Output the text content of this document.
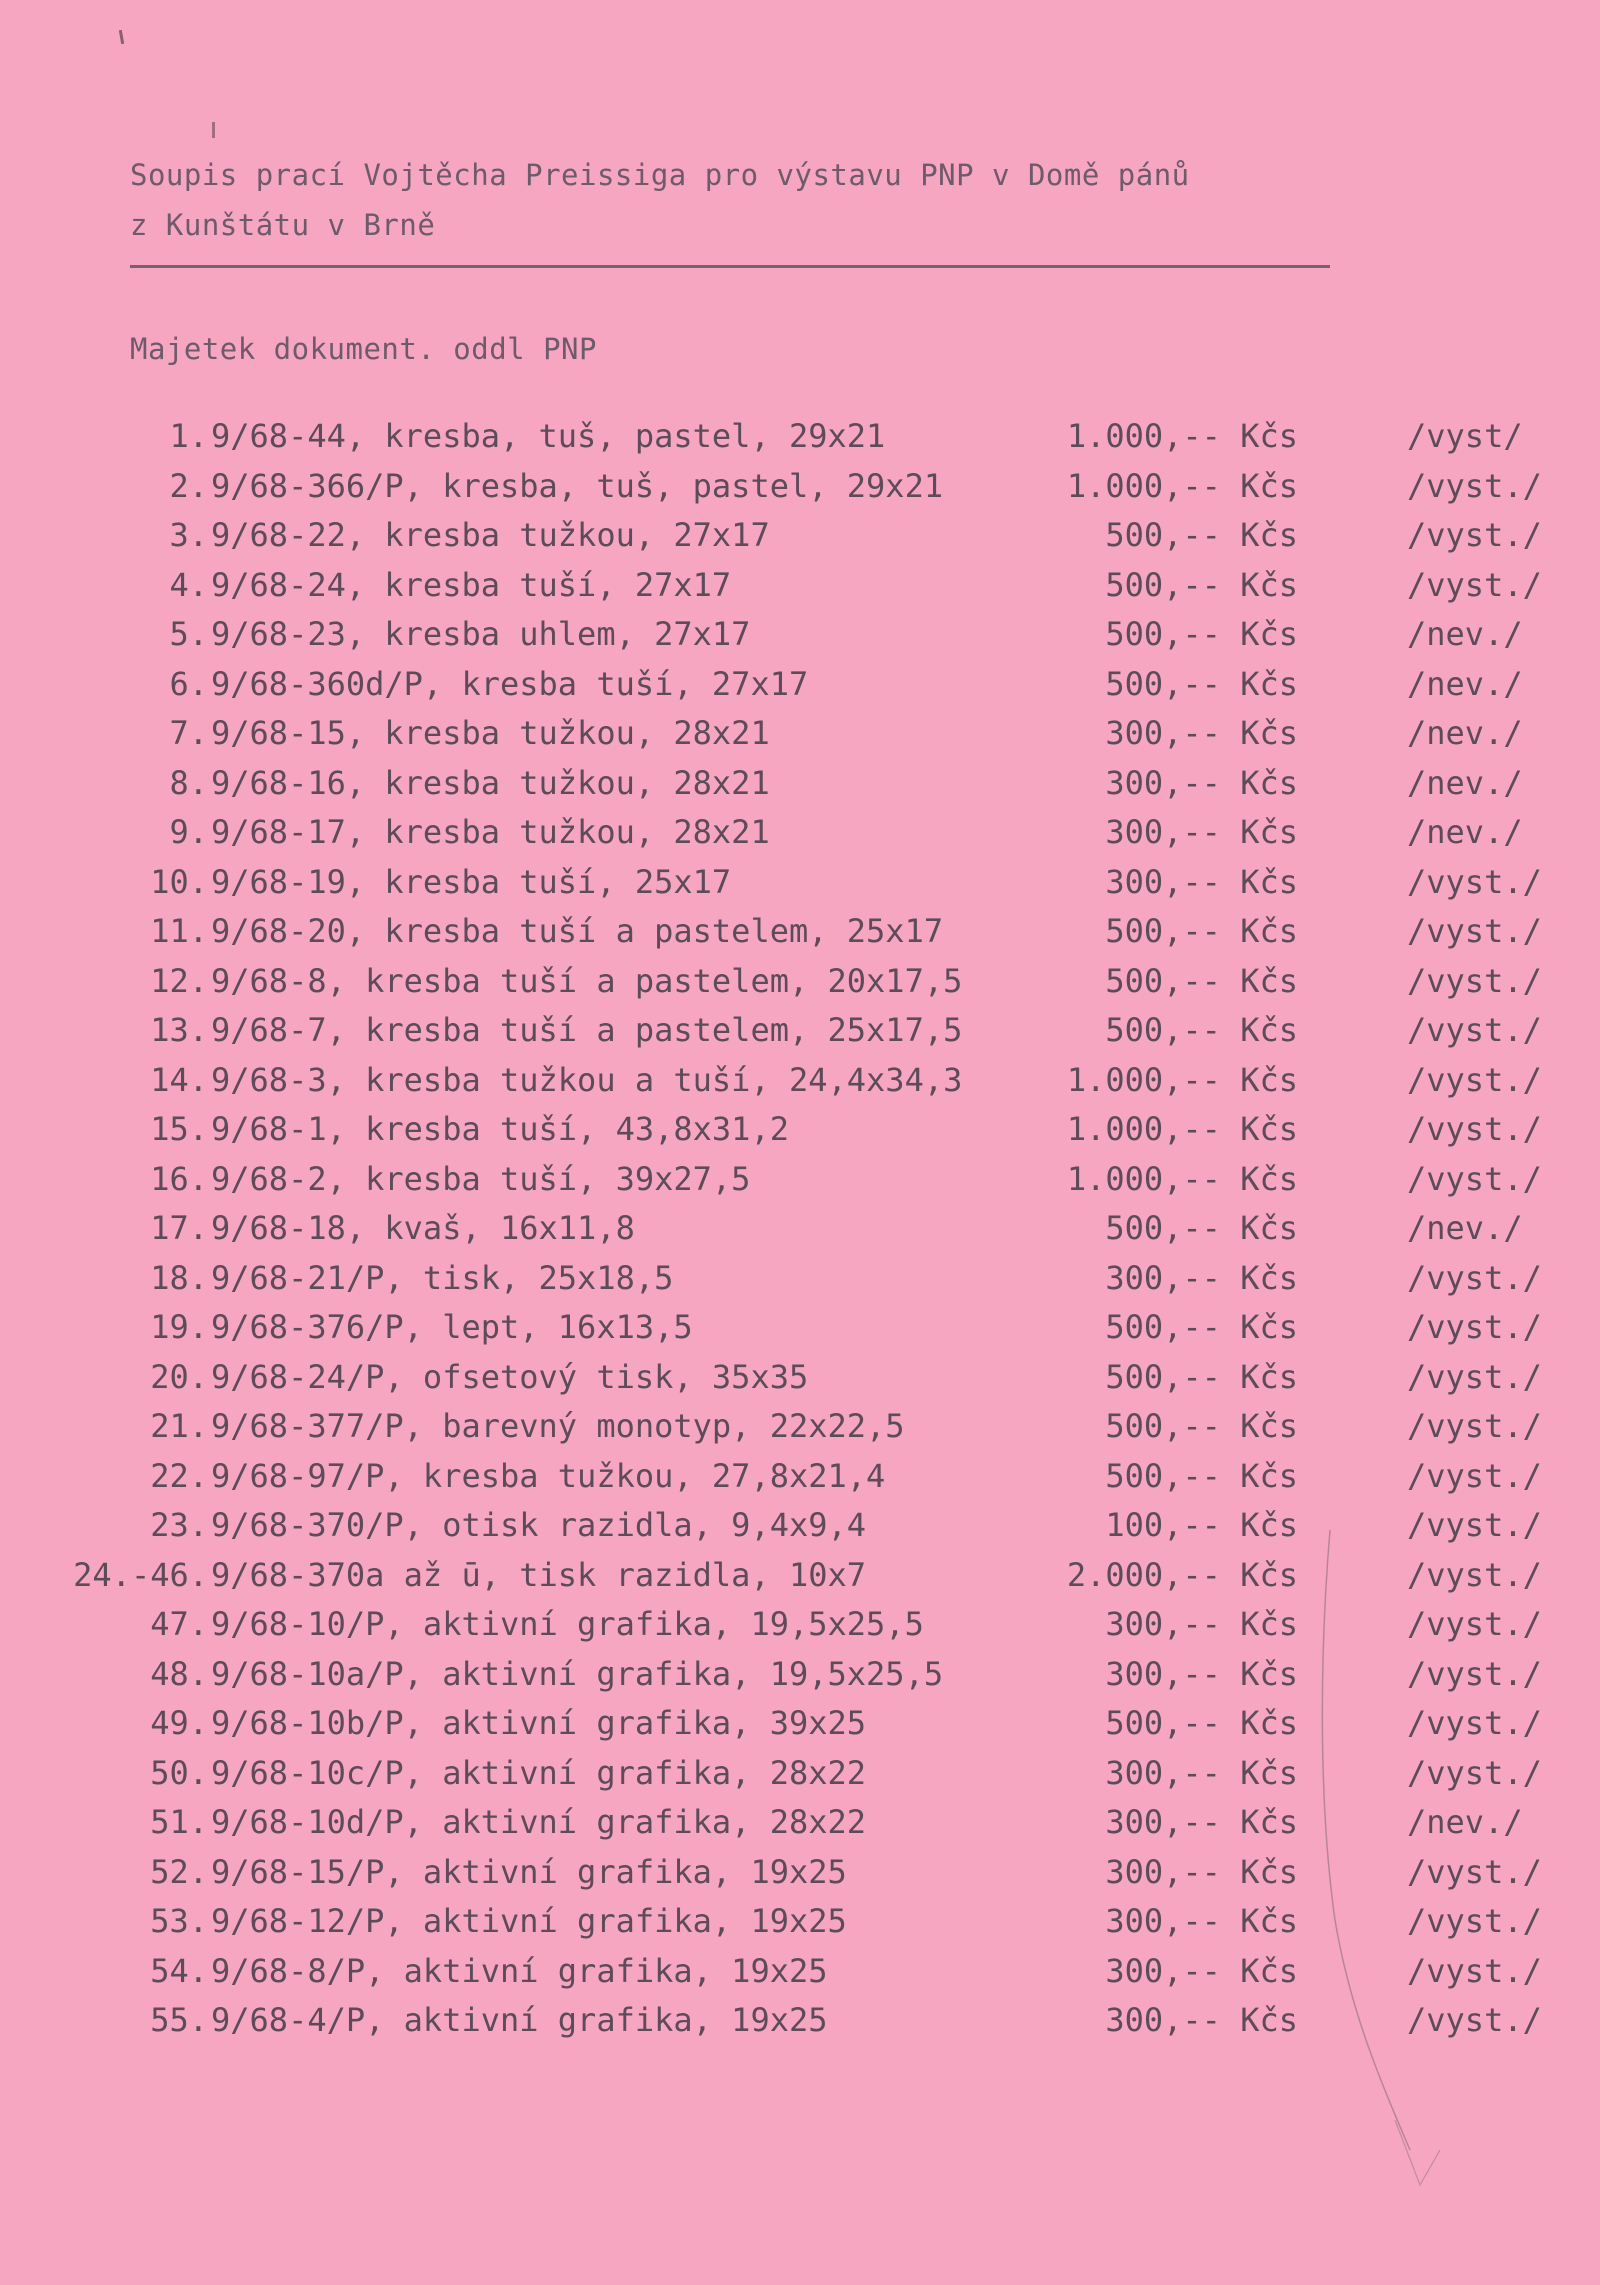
Soupis prací Vojtěcha Preissiga pro výstavu PNP v Domě pánů
z Kunštátu v Brně
Majetek dokument. oddl PNP
1. 9/68-44, kresba, tuš, pastel, 29x21	1.000,-- Kčs	/vyst/
2. 9/68-366/P, kresba, tuš, pastel, 29x21	1.000,-- Kčs	/vyst./
3. 9/68-22, kresba tužkou, 27x17	500,-- Kčs	/vyst./
4. 9/68-24, kresba tuší, 27x17	500,-- Kčs	/vyst./
5. 9/68-23, kresba uhlem, 27x17	500,-- Kčs	/nev./
6. 9/68-360d/P, kresba tuší, 27x17	500,-- Kčs	/nev./
7. 9/68-15, kresba tužkou, 28x21	300,-- Kčs	/nev./
8. 9/68-16, kresba tužkou, 28x21	300,-- Kčs	/nev./
9. 9/68-17, kresba tužkou, 28x21	300,-- Kčs	/nev./
10. 9/68-19, kresba tuší, 25x17	300,-- Kčs	/vyst./
11. 9/68-20, kresba tuší a pastelem, 25x17	500,-- Kčs	/vyst./
12. 9/68-8, kresba tuší a pastelem, 20x17,5	500,-- Kčs	/vyst./
13. 9/68-7, kresba tuší a pastelem, 25x17,5	500,-- Kčs	/vyst./
14. 9/68-3, kresba tužkou a tuší, 24,4x34,3	1.000,-- Kčs	/vyst./
15. 9/68-1, kresba tuší, 43,8x31,2	1.000,-- Kčs	/vyst./
16. 9/68-2, kresba tuší, 39x27,5	1.000,-- Kčs	/vyst./
17. 9/68-18, kvaš, 16x11,8	500,-- Kčs	/nev./
18. 9/68-21/P, tisk, 25x18,5	300,-- Kčs	/vyst./
19. 9/68-376/P, lept, 16x13,5	500,-- Kčs	/vyst./
20. 9/68-24/P, ofsetový tisk, 35x35	500,-- Kčs	/vyst./
21. 9/68-377/P, barevný monotyp, 22x22,5	500,-- Kčs	/vyst./
22. 9/68-97/P, kresba tužkou, 27,8x21,4	500,-- Kčs	/vyst./
23. 9/68-370/P, otisk razidla, 9,4x9,4	100,-- Kčs	/vyst./
24.-46. 9/68-370a až ū, tisk razidla, 10x7	2.000,-- Kčs	/vyst./
47. 9/68-10/P, aktivní grafika, 19,5x25,5	300,-- Kčs	/vyst./
48. 9/68-10a/P, aktivní grafika, 19,5x25,5	300,-- Kčs	/vyst./
49. 9/68-10b/P, aktivní grafika, 39x25	500,-- Kčs	/vyst./
50. 9/68-10c/P, aktivní grafika, 28x22	300,-- Kčs	/vyst./
51. 9/68-10d/P, aktivní grafika, 28x22	300,-- Kčs	/nev./
52. 9/68-15/P, aktivní grafika, 19x25	300,-- Kčs	/vyst./
53. 9/68-12/P, aktivní grafika, 19x25	300,-- Kčs	/vyst./
54. 9/68-8/P, aktivní grafika, 19x25	300,-- Kčs	/vyst./
55. 9/68-4/P, aktivní grafika, 19x25	300,-- Kčs	/vyst./
